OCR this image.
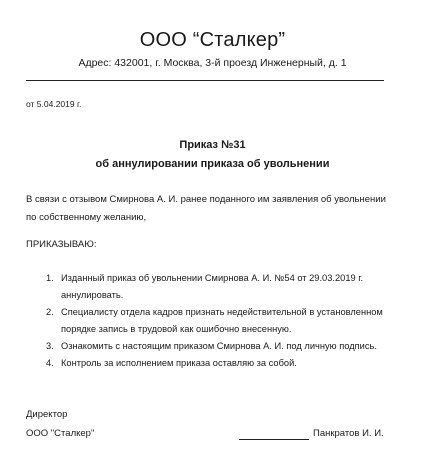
ООО “Сталкер”
Адрес: 432001, г. Москва, 3-й проезд Инженерный, д. 1
от 5.04.2019 г.
Приказ №31
об аннулировании приказа об увольнении
В связи с отзывом Смирнова А. И. ранее поданного им заявления об увольнении по собственному желанию,
ПРИКАЗЫВАЮ:
1. Изданный приказ об увольнении Смирнова А. И. №54 от 29.03.2019 г. аннулировать.
2. Специалисту отдела кадров признать недействительной в установленном порядке запись в трудовой как ошибочно внесенную.
3. Ознакомить с настоящим приказом Смирнова А. И. под личную подпись.
4. Контроль за исполнением приказа оставляю за собой.
Директор
ООО "Сталкер"	Панкратов И. И.
